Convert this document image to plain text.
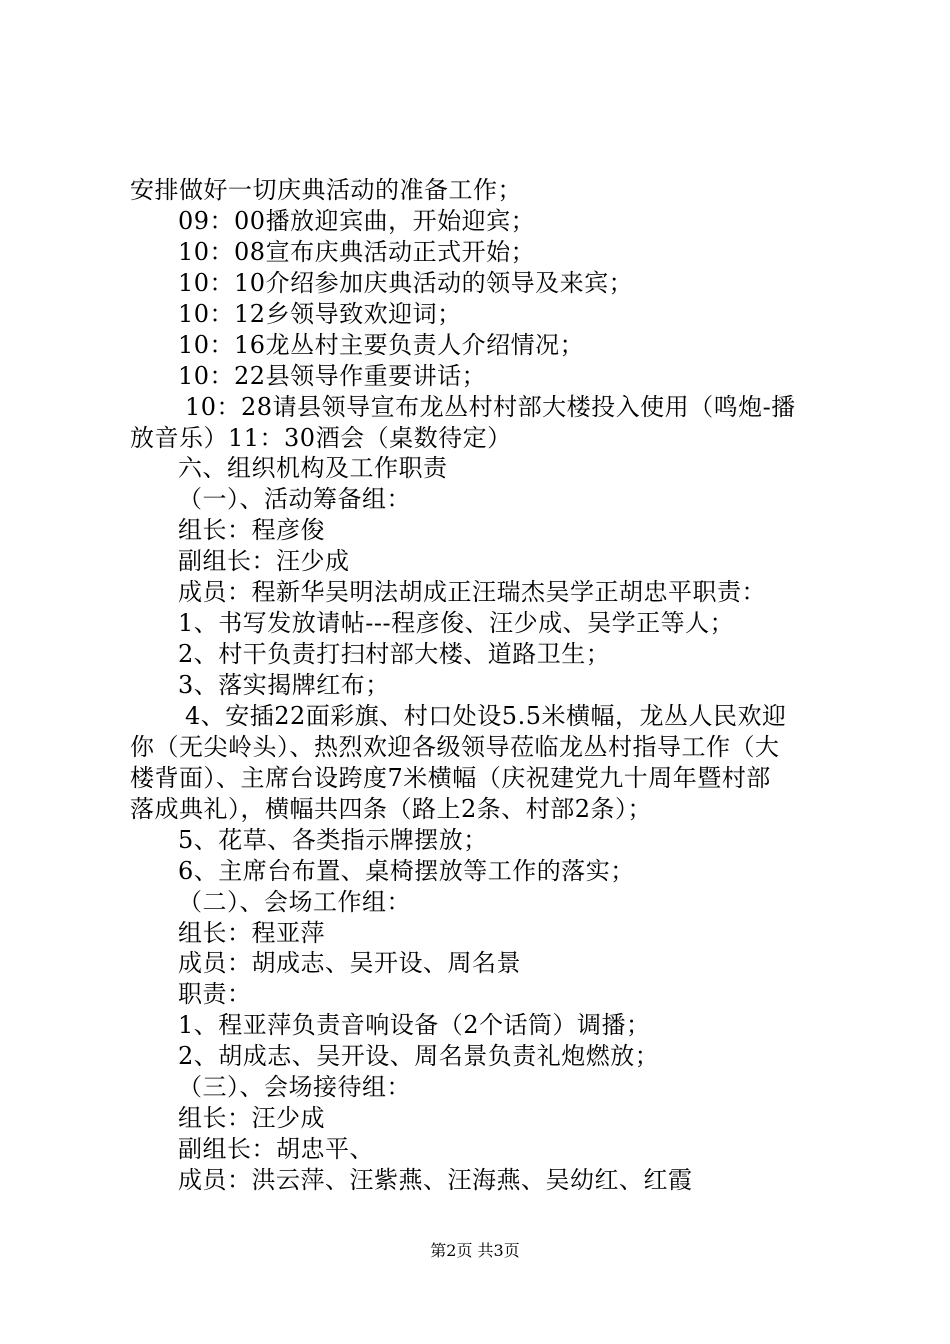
安排做好一切庆典活动的准备工作；
09：00播放迎宾曲，开始迎宾；
10：08宣布庆典活动正式开始；
10：10介绍参加庆典活动的领导及来宾；
10：12乡领导致欢迎词；
10：16龙丛村主要负责人介绍情况；
10：22县领导作重要讲话；
10：28请县领导宣布龙丛村村部大楼投入使用（鸣炮-播
放音乐）11：30酒会（桌数待定）
六、组织机构及工作职责
（一）、活动筹备组：
组长：程彦俊
副组长：汪少成
成员：程新华吴明法胡成正汪瑞杰吴学正胡忠平职责：
1、书写发放请帖---程彦俊、汪少成、吴学正等人；
2、村干负责打扫村部大楼、道路卫生；
3、落实揭牌红布；
4、安插22面彩旗、村口处设5.5米横幅，龙丛人民欢迎
你（无尖岭头）、热烈欢迎各级领导莅临龙丛村指导工作（大
楼背面）、主席台设跨度7米横幅（庆祝建党九十周年暨村部
落成典礼），横幅共四条（路上2条、村部2条）；
5、花草、各类指示牌摆放；
6、主席台布置、桌椅摆放等工作的落实；
（二）、会场工作组：
组长：程亚萍
成员：胡成志、吴开设、周名景
职责：
1、程亚萍负责音响设备（2个话筒）调播；
2、胡成志、吴开设、周名景负责礼炮燃放；
（三）、会场接待组：
组长：汪少成
副组长：胡忠平、
成员：洪云萍、汪紫燕、汪海燕、吴幼红、红霞
第2页 共3页
